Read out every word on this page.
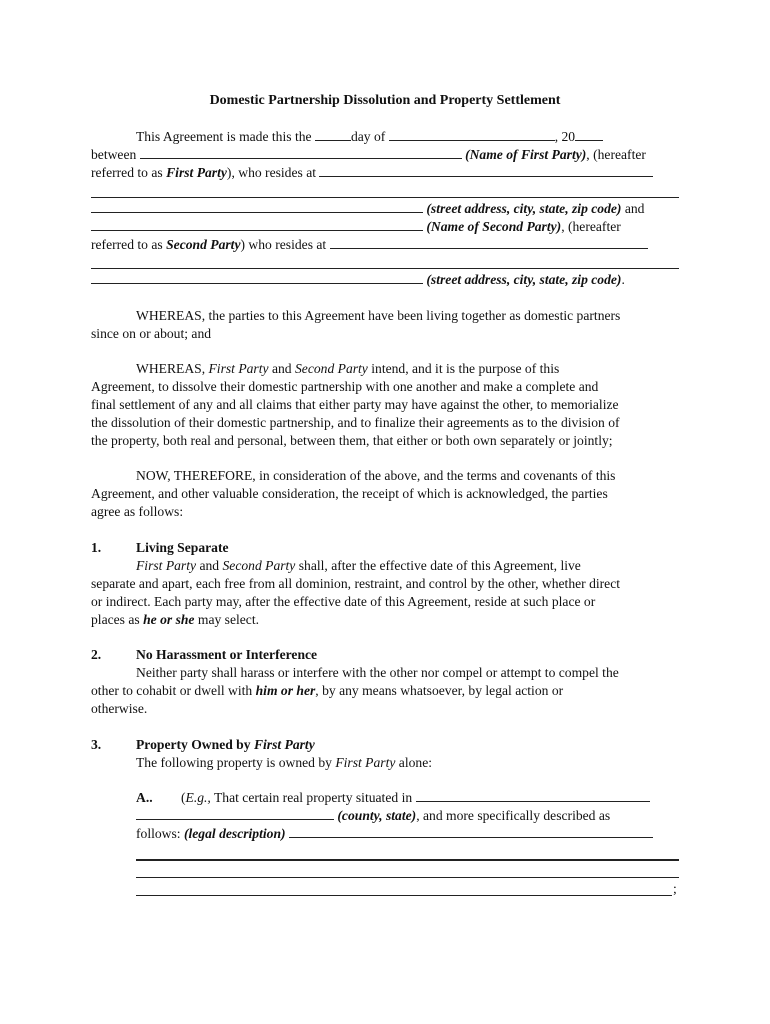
Domestic Partnership Dissolution and Property Settlement
This Agreement is made this the	day of	, 20
between	(Name of First Party), (hereafter
referred to as First Party), who resides at
(street address, city, state, zip code) and
(Name of Second Party), (hereafter
referred to as Second Party) who resides at
(street address, city, state, zip code).
WHEREAS, the parties to this Agreement have been living together as domestic partners
since on or about; and
WHEREAS, First Party and Second Party intend, and it is the purpose of this
Agreement, to dissolve their domestic partnership with one another and make a complete and
final settlement of any and all claims that either party may have against the other, to memorialize
the dissolution of their domestic partnership, and to finalize their agreements as to the division of
the property, both real and personal, between them, that either or both own separately or jointly;
NOW, THEREFORE, in consideration of the above, and the terms and covenants of this
Agreement, and other valuable consideration, the receipt of which is acknowledged, the parties
agree as follows:
1.	Living Separate
First Party and Second Party shall, after the effective date of this Agreement, live
separate and apart, each free from all dominion, restraint, and control by the other, whether direct
or indirect. Each party may, after the effective date of this Agreement, reside at such place or
places as he or she may select.
2.	No Harassment or Interference
Neither party shall harass or interfere with the other nor compel or attempt to compel the
other to cohabit or dwell with him or her, by any means whatsoever, by legal action or
otherwise.
3.	Property Owned by First Party
The following property is owned by First Party alone:
A.. (E.g., That certain real property situated in
(county, state), and more specifically described as
follows: (legal description)
;
